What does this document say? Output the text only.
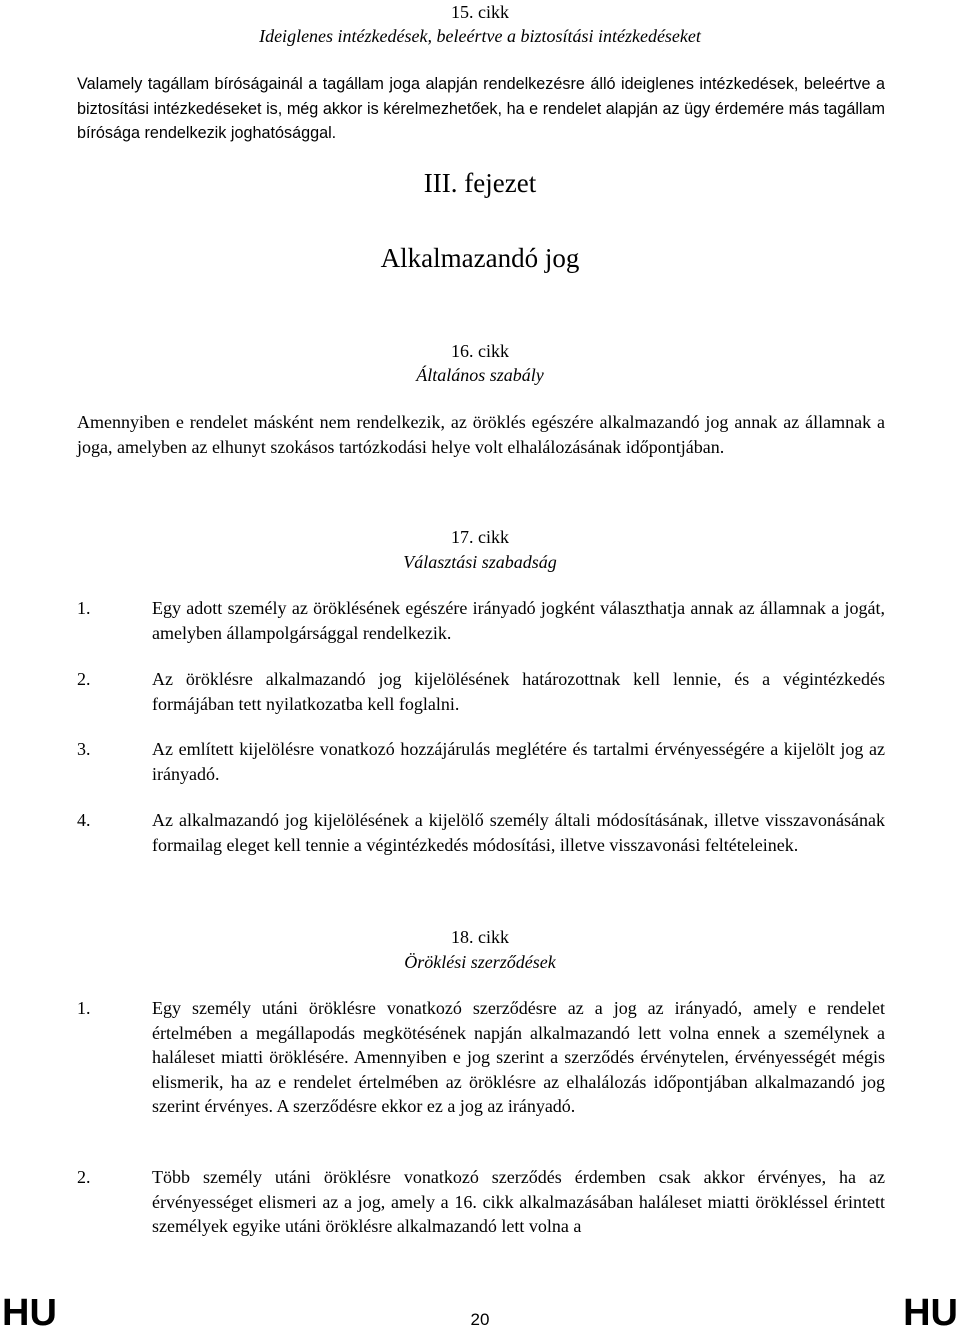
15. cikk
Ideiglenes intézkedések, beleértve a biztosítási intézkedéseket
Valamely tagállam bíróságainál a tagállam joga alapján rendelkezésre álló ideiglenes intézkedések, beleértve a biztosítási intézkedéseket is, még akkor is kérelmezhetőek, ha e rendelet alapján az ügy érdemére más tagállam bírósága rendelkezik joghatósággal.
III. fejezet
Alkalmazandó jog
16. cikk
Általános szabály
Amennyiben e rendelet másként nem rendelkezik, az öröklés egészére alkalmazandó jog annak az államnak a joga, amelyben az elhunyt szokásos tartózkodási helye volt elhalálozásának időpontjában.
17. cikk
Választási szabadság
1.	Egy adott személy az öröklésének egészére irányadó jogként választhatja annak az államnak a jogát, amelyben állampolgársággal rendelkezik.
2.	Az öröklésre alkalmazandó jog kijelölésének határozottnak kell lennie, és a végintézkedés formájában tett nyilatkozatba kell foglalni.
3.	Az említett kijelölésre vonatkozó hozzájárulás meglétére és tartalmi érvényességére a kijelölt jog az irányadó.
4.	Az alkalmazandó jog kijelölésének a kijelölő személy általi módosításának, illetve visszavonásának formailag eleget kell tennie a végintézkedés módosítási, illetve visszavonási feltételeinek.
18. cikk
Öröklési szerződések
1.	Egy személy utáni öröklésre vonatkozó szerződésre az a jog az irányadó, amely e rendelet értelmében a megállapodás megkötésének napján alkalmazandó lett volna ennek a személynek a haláleset miatti öröklésére. Amennyiben e jog szerint a szerződés érvénytelen, érvényességét mégis elismerik, ha az e rendelet értelmében az öröklésre az elhalálozás időpontjában alkalmazandó jog szerint érvényes. A szerződésre ekkor ez a jog az irányadó.
2.	Több személy utáni öröklésre vonatkozó szerződés érdemben csak akkor érvényes, ha az érvényességet elismeri az a jog, amely a 16. cikk alkalmazásában haláleset miatti örökléssel érintett személyek egyike utáni öröklésre alkalmazandó lett volna a
HU	20	HU
